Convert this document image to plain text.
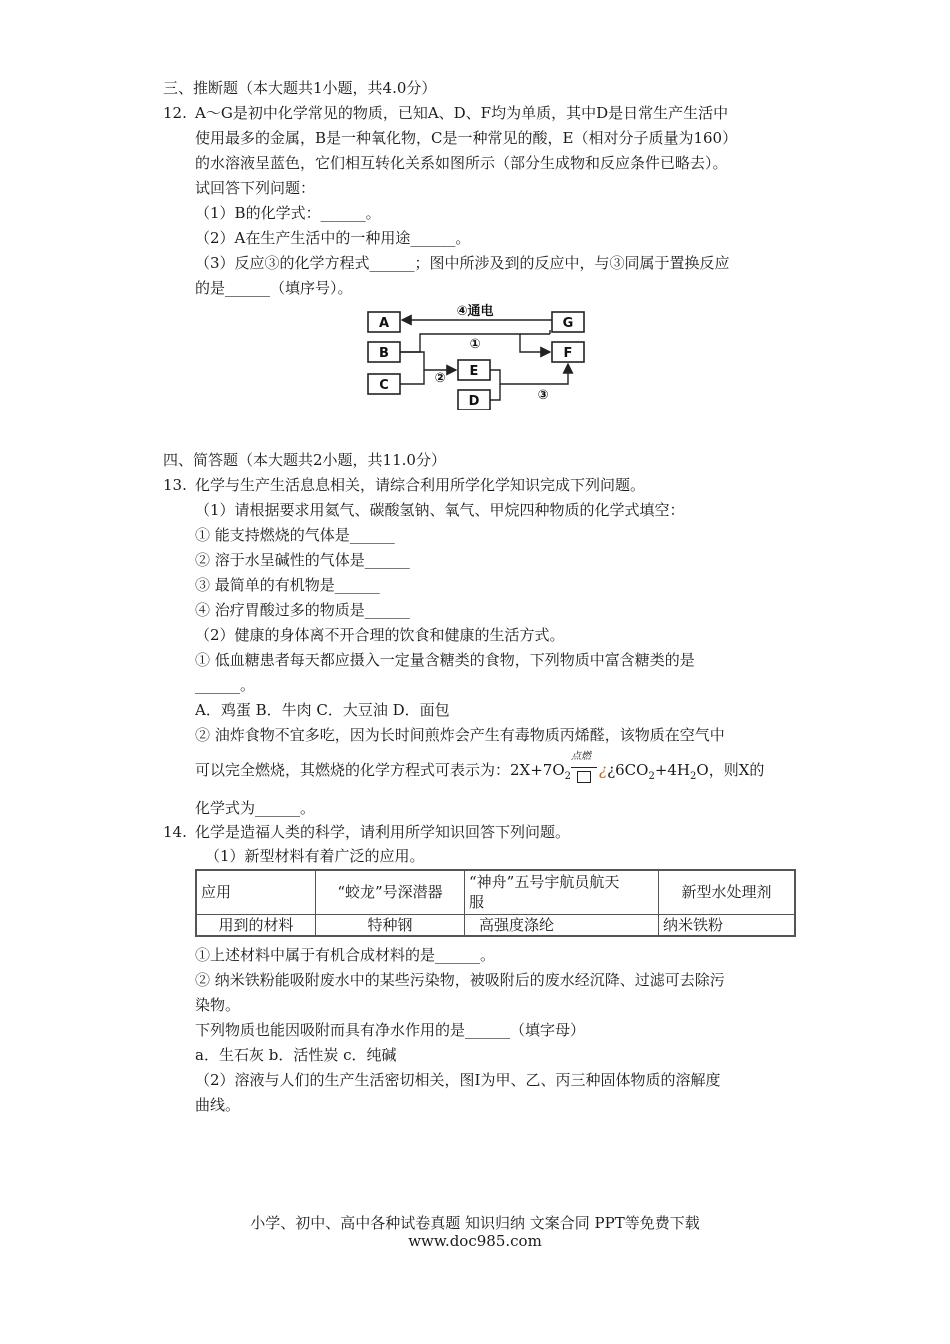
三、推断题（本大题共1小题，共4.0分）
12. A～G是初中化学常见的物质，已知A、D、F均为单质，其中D是日常生产生活中
使用最多的金属，B是一种氧化物，C是一种常见的酸，E（相对分子质量为160）
的水溶液呈蓝色，它们相互转化关系如图所示（部分生成物和反应条件已略去）。
试回答下列问题：
（1）B的化学式：______。
（2）A在生产生活中的一种用途______。
（3）反应③的化学方程式______；图中所涉及到的反应中，与③同属于置换反应
的是______（填序号）。
A
B
C
E
D
G
F
④通电
①
②
③
四、简答题（本大题共2小题，共11.0分）
13. 化学与生产生活息息相关，请综合利用所学化学知识完成下列问题。
（1）请根据要求用氦气、碳酸氢钠、氧气、甲烷四种物质的化学式填空：
① 能支持燃烧的气体是______
② 溶于水呈碱性的气体是______
③ 最简单的有机物是______
④ 治疗胃酸过多的物质是______
（2）健康的身体离不开合理的饮食和健康的生活方式。
① 低血糖患者每天都应摄入一定量含糖类的食物，下列物质中富含糖类的是
______。
A．鸡蛋 B．牛肉 C．大豆油 D．面包
② 油炸食物不宜多吃，因为长时间煎炸会产生有毒物质丙烯醛，该物质在空气中
可以完全燃烧，其燃烧的化学方程式可表示为：$2X+7O_2$
点燃
¿¿$6CO_2+4H_2O$，则X的
化学式为______。
14. 化学是造福人类的科学，请利用所学知识回答下列问题。
（1）新型材料有着广泛的应用。
应用	“蛟龙”号深潜器	“神舟”五号宇航员航天
服	新型水处理剂
用到的材料	特种钢	高强度涤纶	纳米铁粉
①上述材料中属于有机合成材料的是______。
② 纳米铁粉能吸附废水中的某些污染物，被吸附后的废水经沉降、过滤可去除污
染物。
下列物质也能因吸附而具有净水作用的是______（填字母）
a．生石灰 b．活性炭 c．纯碱
（2）溶液与人们的生产生活密切相关，图Ⅰ为甲、乙、丙三种固体物质的溶解度
曲线。
小学、初中、高中各种试卷真题 知识归纳 文案合同 PPT等免费下载
www.doc985.com
